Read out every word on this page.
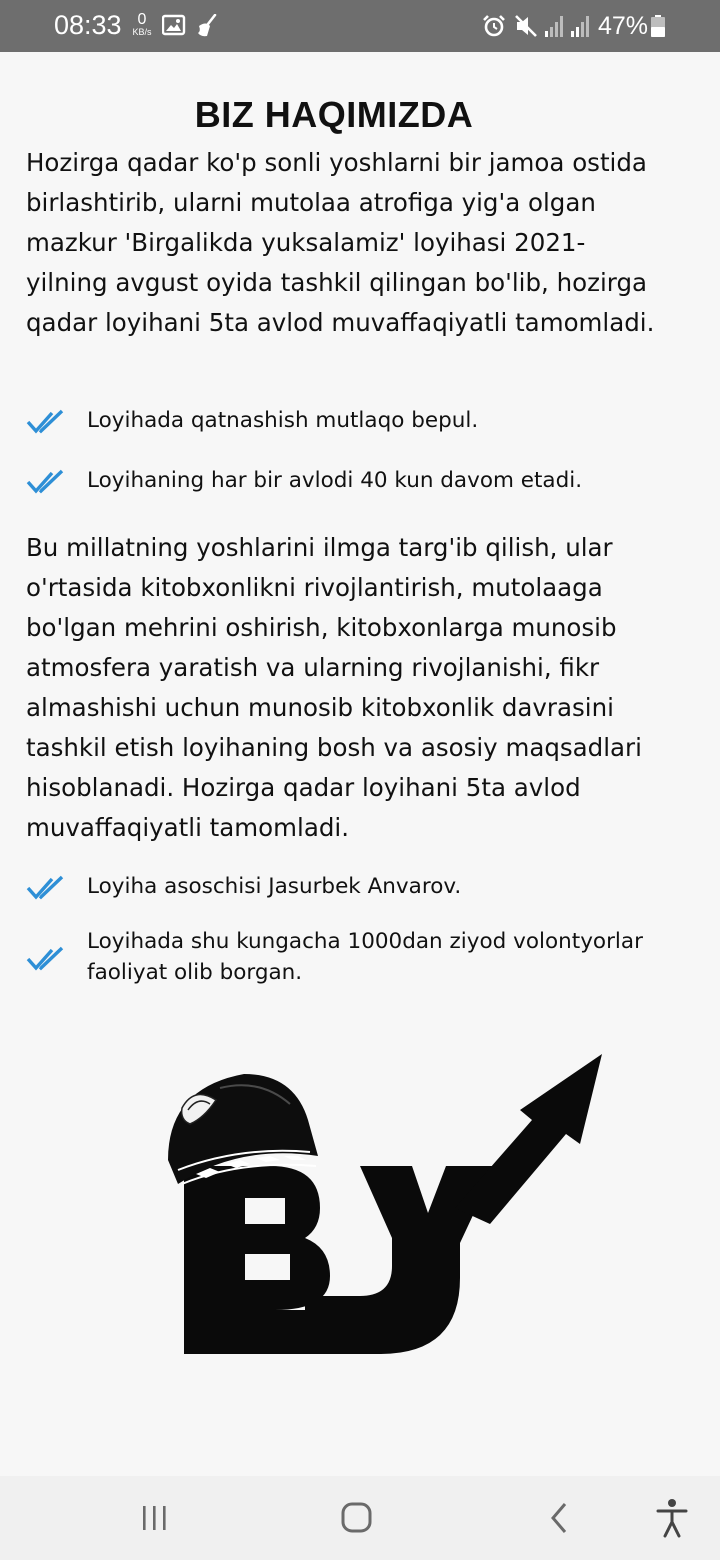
08:33 0
KB/s	47%
BIZ HAQIMIZDA

Hozirga qadar ko'p sonli yoshlarni bir jamoa ostida birlashtirib, ularni mutolaa atrofiga yig'a olgan mazkur 'Birgalikda yuksalamiz' loyihasi 2021-yilning avgust oyida tashkil qilingan bo'lib, hozirga qadar loyihani 5ta avlod muvaffaqiyatli tamomladi.

Loyihada qatnashish mutlaqo bepul.
Loyihaning har bir avlodi 40 kun davom etadi.

Bu millatning yoshlarini ilmga targ'ib qilish, ular o'rtasida kitobxonlikni rivojlantirish, mutolaaga bo'lgan mehrini oshirish, kitobxonlarga munosib atmosfera yaratish va ularning rivojlanishi, fikr almashishi uchun munosib kitobxonlik davrasini tashkil etish loyihaning bosh va asosiy maqsadlari hisoblanadi. Hozirga qadar loyihani 5ta avlod muvaffaqiyatli tamomladi.

Loyiha asoschisi Jasurbek Anvarov.
Loyihada shu kungacha 1000dan ziyod volontyorlar faoliyat olib borgan.
